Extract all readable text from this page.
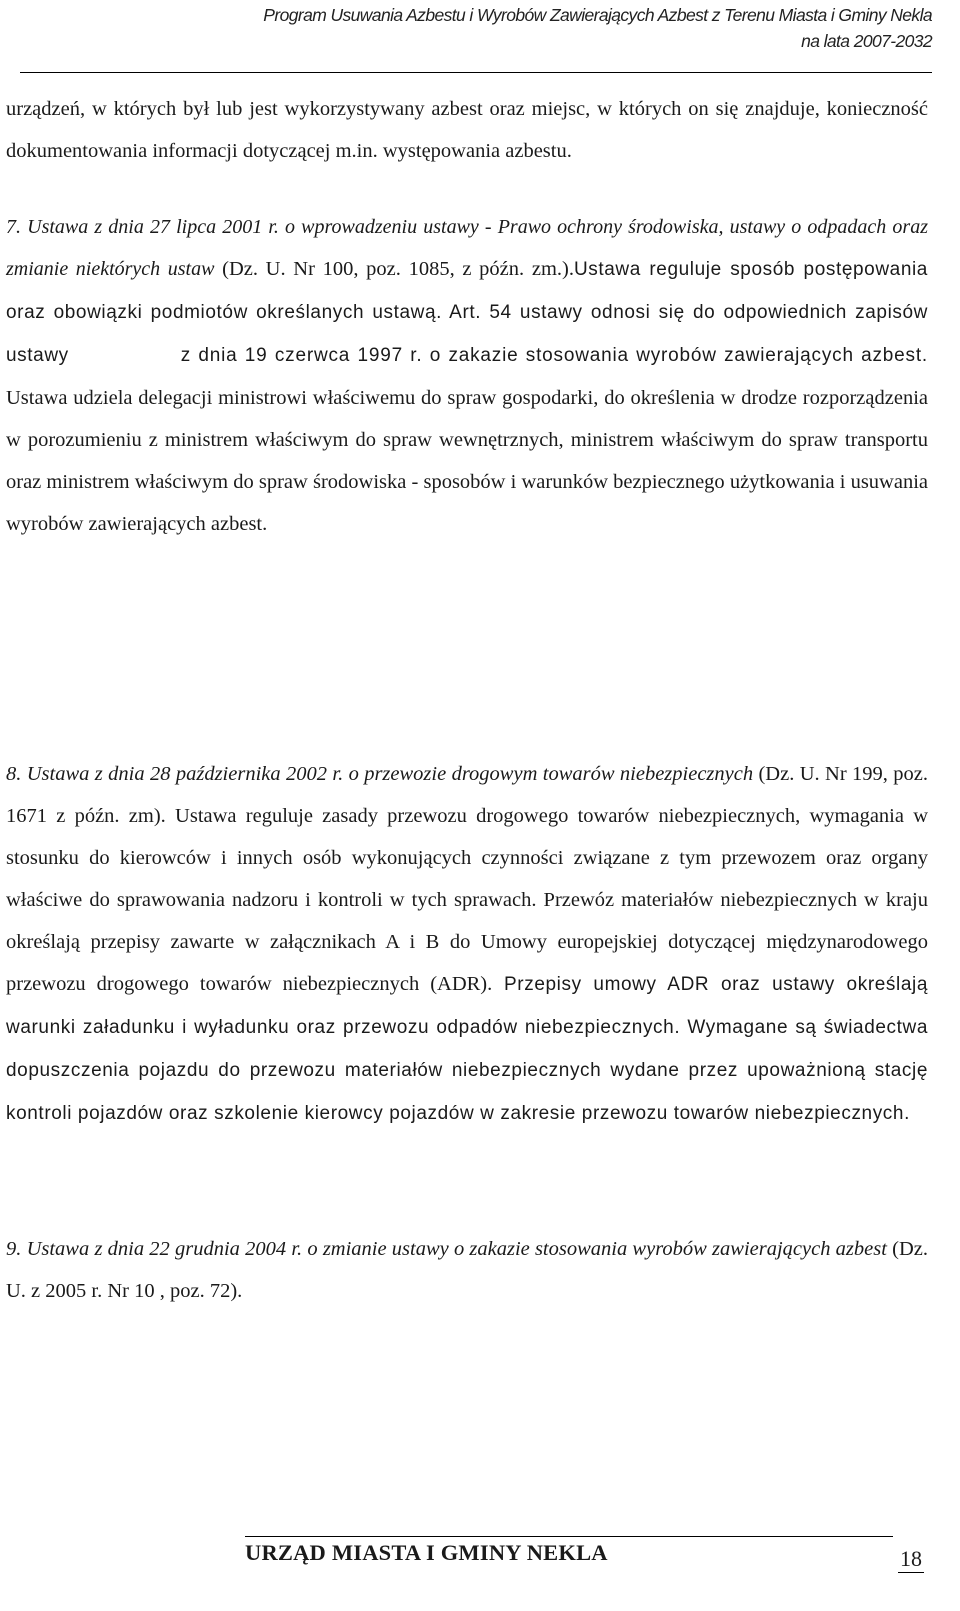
Program Usuwania Azbestu i Wyrobów Zawierających Azbest z Terenu Miasta i Gminy Nekla
na lata 2007-2032

urządzeń, w których był lub jest wykorzystywany azbest oraz miejsc, w których on się znajduje, konieczność dokumentowania informacji dotyczącej m.in. występowania azbestu.

7. Ustawa z dnia 27 lipca 2001 r. o wprowadzeniu ustawy - Prawo ochrony środowiska, ustawy o odpadach oraz zmianie niektórych ustaw (Dz. U. Nr 100, poz. 1085, z późn. zm.).Ustawa reguluje sposób postępowania oraz obowiązki podmiotów określanych ustawą. Art. 54 ustawy odnosi się do odpowiednich zapisów ustawy	z dnia 19 czerwca 1997 r. o zakazie stosowania wyrobów zawierających azbest. Ustawa udziela delegacji ministrowi właściwemu do spraw gospodarki, do określenia w drodze rozporządzenia w porozumieniu z ministrem właściwym do spraw wewnętrznych, ministrem właściwym do spraw transportu oraz ministrem właściwym do spraw środowiska - sposobów i warunków bezpiecznego użytkowania i usuwania wyrobów zawierających azbest.

8. Ustawa z dnia 28 października 2002 r. o przewozie drogowym towarów niebezpiecznych (Dz. U. Nr 199, poz. 1671 z późn. zm). Ustawa reguluje zasady przewozu drogowego towarów niebezpiecznych, wymagania w stosunku do kierowców i innych osób wykonujących czynności związane z tym przewozem oraz organy właściwe do sprawowania nadzoru i kontroli w tych sprawach. Przewóz materiałów niebezpiecznych w kraju określają przepisy zawarte w załącznikach A i B do Umowy europejskiej dotyczącej międzynarodowego przewozu drogowego towarów niebezpiecznych (ADR). Przepisy umowy ADR oraz ustawy określają warunki załadunku i wyładunku oraz przewozu odpadów niebezpiecznych. Wymagane są świadectwa dopuszczenia pojazdu do przewozu materiałów niebezpiecznych wydane przez upoważnioną stację kontroli pojazdów oraz szkolenie kierowcy pojazdów w zakresie przewozu towarów niebezpiecznych.

9. Ustawa z dnia 22 grudnia 2004 r. o zmianie ustawy o zakazie stosowania wyrobów zawierających azbest (Dz. U. z 2005 r. Nr 10 , poz. 72).

URZĄD MIASTA I GMINY NEKLA	18
